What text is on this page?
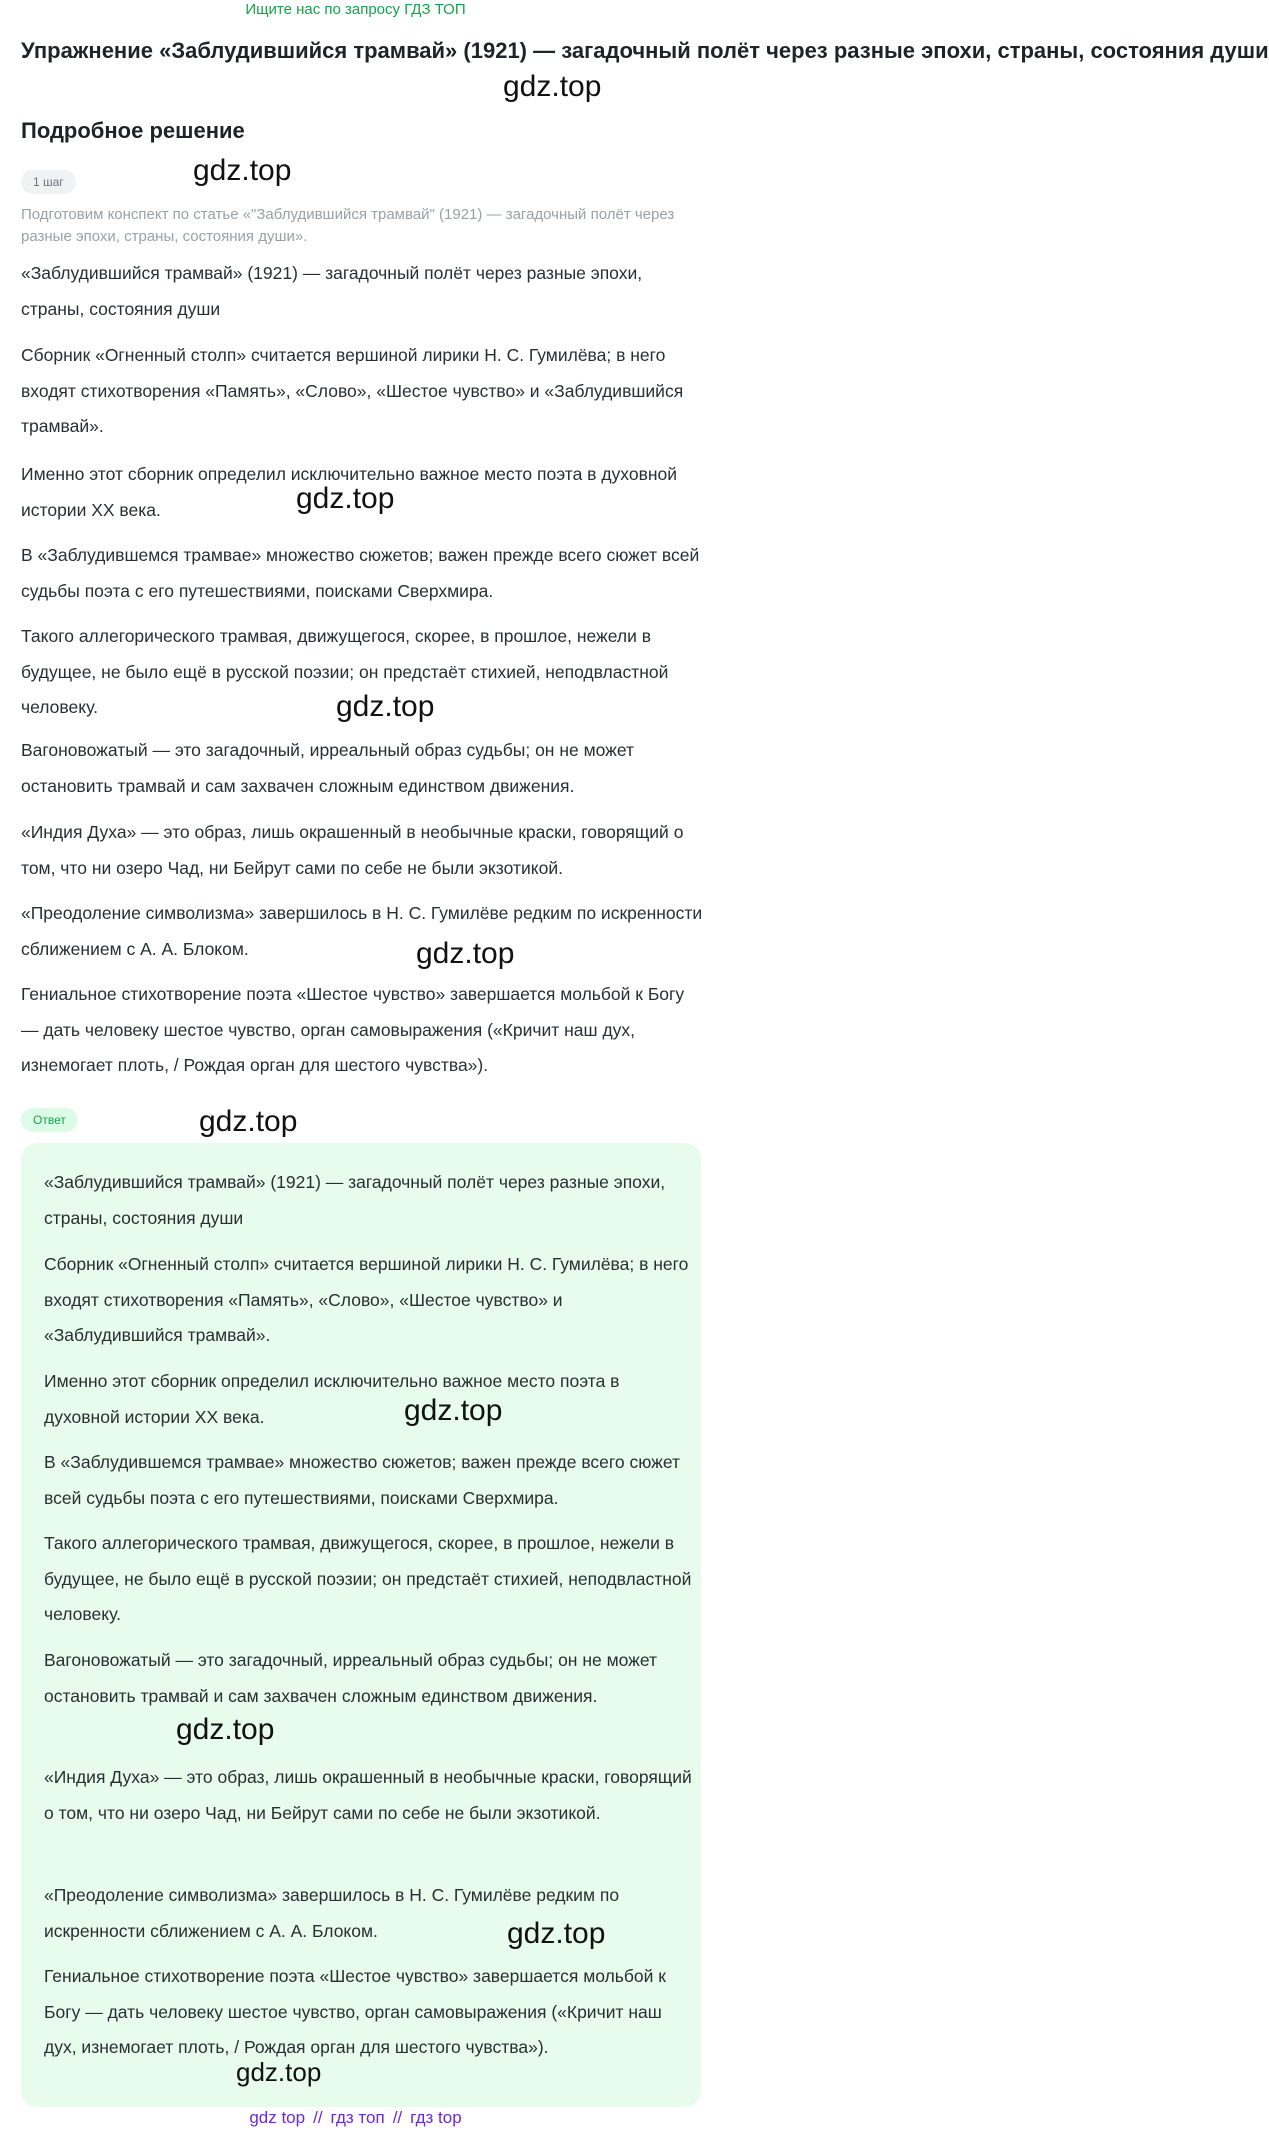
Ищите нас по запросу ГДЗ ТОП
Упражнение «Заблудившийся трамвай» (1921) — загадочный полёт через разные эпохи, страны, состояния души
gdz.top
Подробное решение
1 шаг	gdz.top
Подготовим конспект по статье «"Заблудившийся трамвай" (1921) — загадочный полёт через разные эпохи, страны, состояния души».
«Заблудившийся трамвай» (1921) — загадочный полёт через разные эпохи, страны, состояния души
Сборник «Огненный столп» считается вершиной лирики Н. С. Гумилёва; в него входят стихотворения «Память», «Слово», «Шестое чувство» и «Заблудившийся трамвай».
Именно этот сборник определил исключительно важное место поэта в духовной истории XX века.	gdz.top
В «Заблудившемся трамвае» множество сюжетов; важен прежде всего сюжет всей судьбы поэта с его путешествиями, поисками Сверхмира.
Такого аллегорического трамвая, движущегося, скорее, в прошлое, нежели в будущее, не было ещё в русской поэзии; он предстаёт стихией, неподвластной человеку.	gdz.top
Вагоновожатый — это загадочный, ирреальный образ судьбы; он не может остановить трамвай и сам захвачен сложным единством движения.
«Индия Духа» — это образ, лишь окрашенный в необычные краски, говорящий о том, что ни озеро Чад, ни Бейрут сами по себе не были экзотикой.
«Преодоление символизма» завершилось в Н. С. Гумилёве редким по искренности сближением с А. А. Блоком.	gdz.top
Гениальное стихотворение поэта «Шестое чувство» завершается мольбой к Богу — дать человеку шестое чувство, орган самовыражения («Кричит наш дух, изнемогает плоть, / Рождая орган для шестого чувства»).
Ответ	gdz.top
«Заблудившийся трамвай» (1921) — загадочный полёт через разные эпохи, страны, состояния души
Сборник «Огненный столп» считается вершиной лирики Н. С. Гумилёва; в него входят стихотворения «Память», «Слово», «Шестое чувство» и «Заблудившийся трамвай».
Именно этот сборник определил исключительно важное место поэта в духовной истории XX века.	gdz.top
В «Заблудившемся трамвае» множество сюжетов; важен прежде всего сюжет всей судьбы поэта с его путешествиями, поисками Сверхмира.
Такого аллегорического трамвая, движущегося, скорее, в прошлое, нежели в будущее, не было ещё в русской поэзии; он предстаёт стихией, неподвластной человеку.
Вагоновожатый — это загадочный, ирреальный образ судьбы; он не может остановить трамвай и сам захвачен сложным единством движения.
gdz.top
«Индия Духа» — это образ, лишь окрашенный в необычные краски, говорящий о том, что ни озеро Чад, ни Бейрут сами по себе не были экзотикой.
«Преодоление символизма» завершилось в Н. С. Гумилёве редким по искренности сближением с А. А. Блоком.	gdz.top
Гениальное стихотворение поэта «Шестое чувство» завершается мольбой к Богу — дать человеку шестое чувство, орган самовыражения («Кричит наш дух, изнемогает плоть, / Рождая орган для шестого чувства»).
gdz.top
gdz top // гдз топ // гдз top
